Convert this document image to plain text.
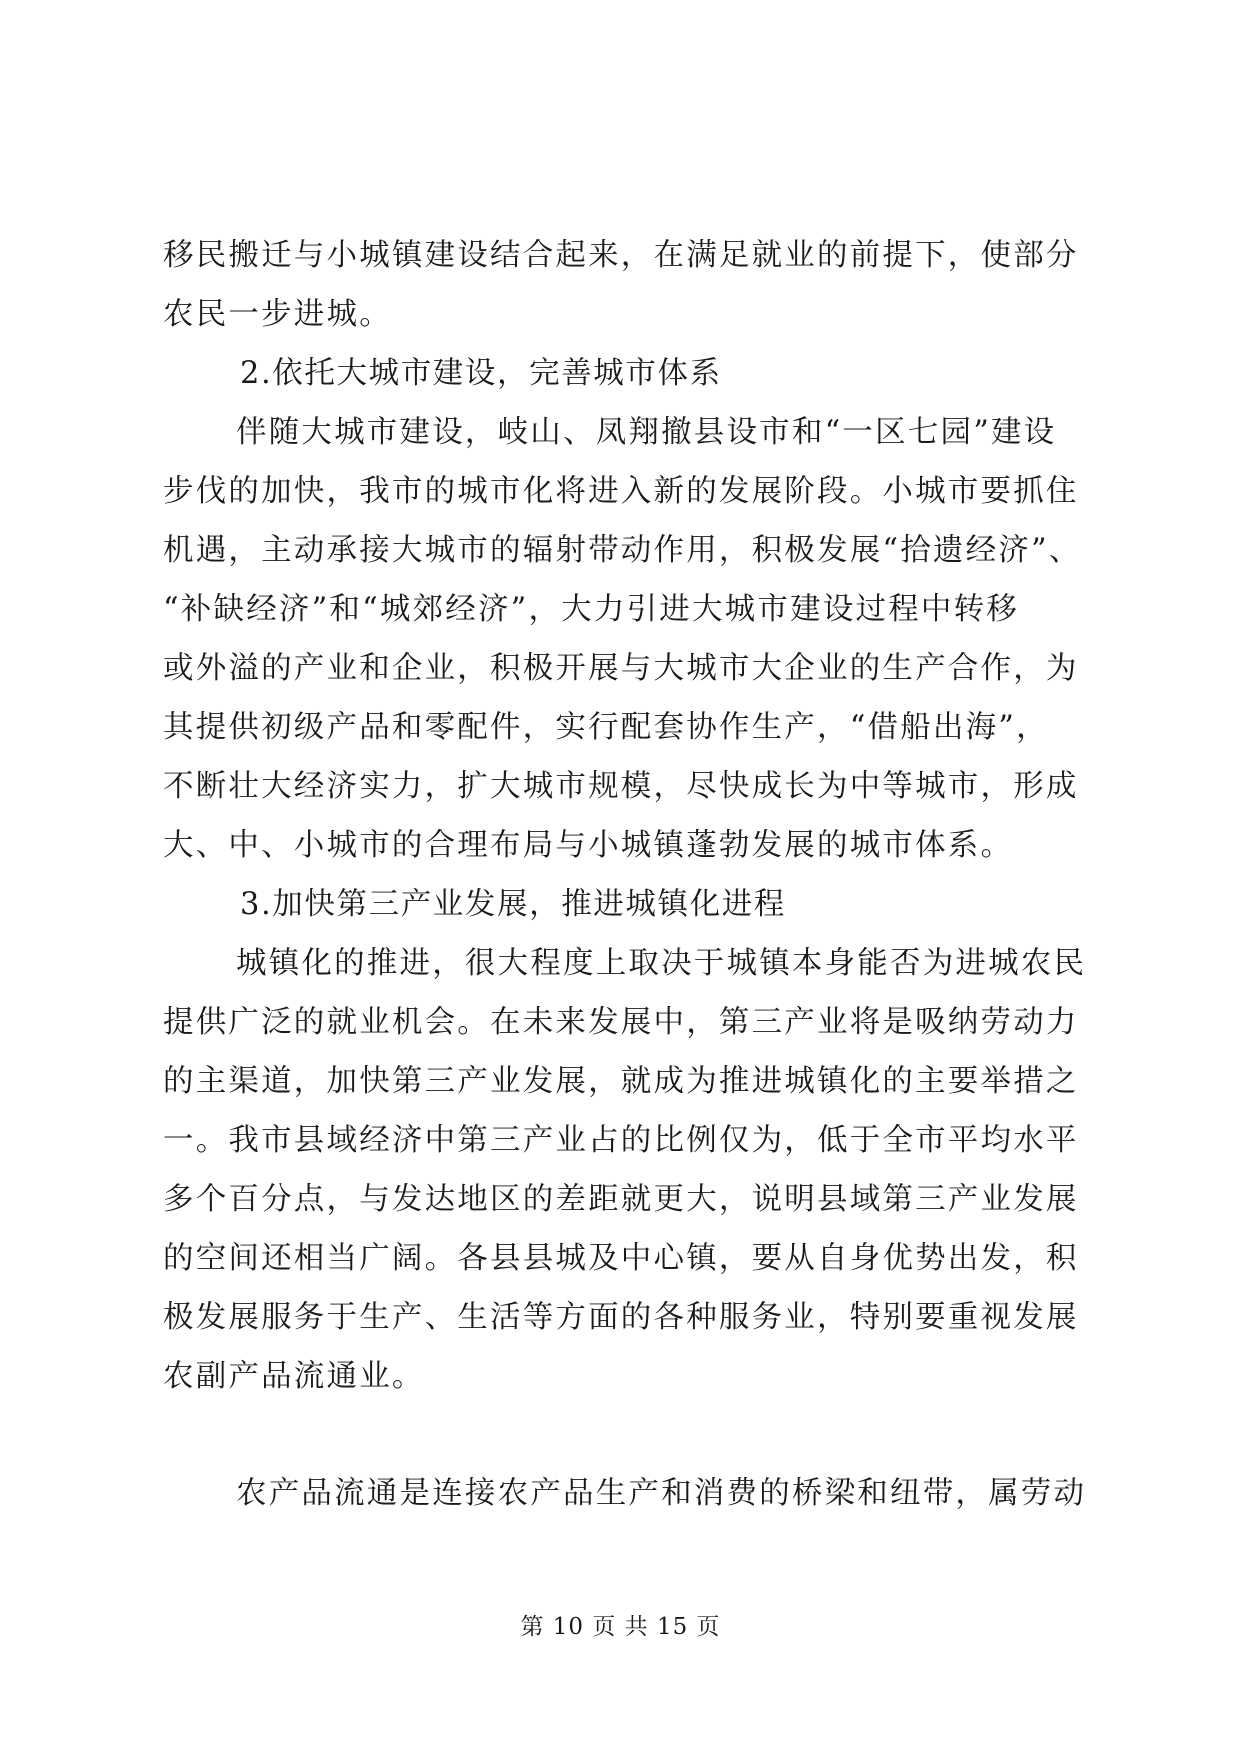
移民搬迁与小城镇建设结合起来，在满足就业的前提下，使部分
农民一步进城。
2.依托大城市建设，完善城市体系
伴随大城市建设，岐山、凤翔撤县设市和“一区七园”建设
步伐的加快，我市的城市化将进入新的发展阶段。小城市要抓住
机遇，主动承接大城市的辐射带动作用，积极发展“拾遗经济”、
“补缺经济”和“城郊经济”，大力引进大城市建设过程中转移
或外溢的产业和企业，积极开展与大城市大企业的生产合作，为
其提供初级产品和零配件，实行配套协作生产，“借船出海”，
不断壮大经济实力，扩大城市规模，尽快成长为中等城市，形成
大、中、小城市的合理布局与小城镇蓬勃发展的城市体系。
3.加快第三产业发展，推进城镇化进程
城镇化的推进，很大程度上取决于城镇本身能否为进城农民
提供广泛的就业机会。在未来发展中，第三产业将是吸纳劳动力
的主渠道，加快第三产业发展，就成为推进城镇化的主要举措之
一。我市县域经济中第三产业占的比例仅为，低于全市平均水平
多个百分点，与发达地区的差距就更大，说明县域第三产业发展
的空间还相当广阔。各县县城及中心镇，要从自身优势出发，积
极发展服务于生产、生活等方面的各种服务业，特别要重视发展
农副产品流通业。
农产品流通是连接农产品生产和消费的桥梁和纽带，属劳动
第 10 页 共 15 页
